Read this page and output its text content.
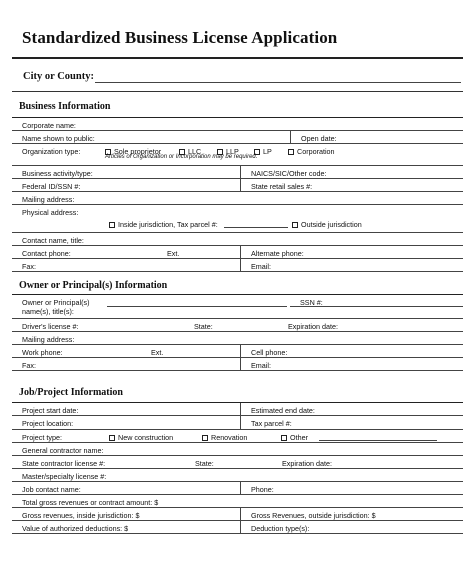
Standardized Business License Application
City or County:
Business Information
Corporate name:
Name shown to public:	Open date:
Organization type:	Sole proprietor	LLC	LLP	LP	Corporation
Articles of Organization or Incorporation may be required.
Business activity/type:	NAICS/SIC/Other code:
Federal ID/SSN #:	State retail sales #:
Mailing address:
Physical address:
Inside jurisdiction, Tax parcel #:	Outside jurisdiction
Contact name, title:
Contact phone:	Ext.	Alternate phone:
Fax:	Email:
Owner or Principal(s) Information
Owner or Principal(s)
name(s), title(s):
SSN #:
Driver's license #:	State:	Expiration date:
Mailing address:
Work phone:	Ext.	Cell phone:
Fax:	Email:
Job/Project Information
Project start date:	Estimated end date:
Project location:	Tax parcel #:
Project type:	New construction	Renovation	Other
General contractor name:
State contractor license #:	State:	Expiration date:
Master/specialty license #:
Job contact name:	Phone:
Total gross revenues or contract amount: $
Gross revenues, inside jurisdiction: $	Gross Revenues, outside jurisdiction: $
Value of authorized deductions: $	Deduction type(s):
